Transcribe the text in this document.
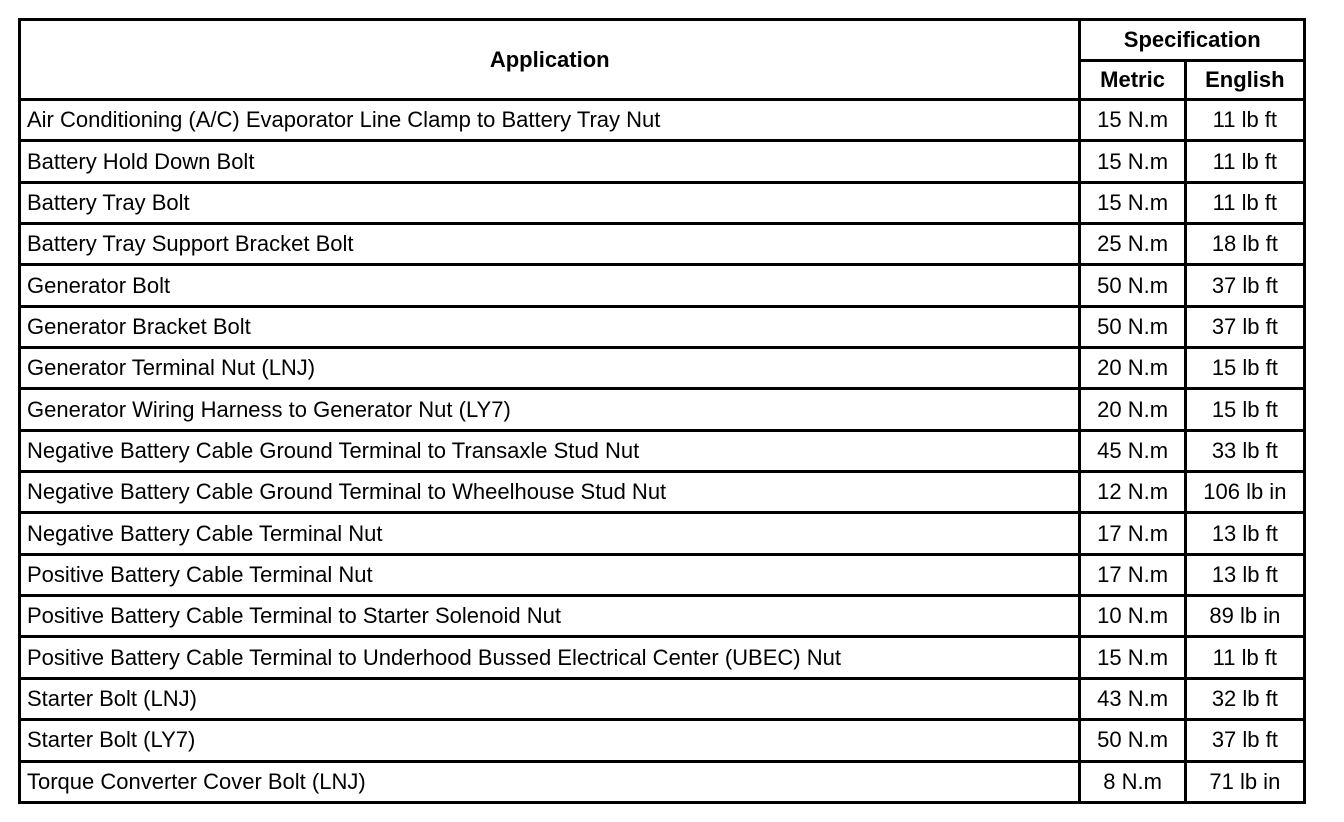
Application	Specification	
	Metric	English
Air Conditioning (A/C) Evaporator Line Clamp to Battery Tray Nut	15 N.m	11 lb ft
Battery Hold Down Bolt	15 N.m	11 lb ft
Battery Tray Bolt	15 N.m	11 lb ft
Battery Tray Support Bracket Bolt	25 N.m	18 lb ft
Generator Bolt	50 N.m	37 lb ft
Generator Bracket Bolt	50 N.m	37 lb ft
Generator Terminal Nut (LNJ)	20 N.m	15 lb ft
Generator Wiring Harness to Generator Nut (LY7)	20 N.m	15 lb ft
Negative Battery Cable Ground Terminal to Transaxle Stud Nut	45 N.m	33 lb ft
Negative Battery Cable Ground Terminal to Wheelhouse Stud Nut	12 N.m	106 lb in
Negative Battery Cable Terminal Nut	17 N.m	13 lb ft
Positive Battery Cable Terminal Nut	17 N.m	13 lb ft
Positive Battery Cable Terminal to Starter Solenoid Nut	10 N.m	89 lb in
Positive Battery Cable Terminal to Underhood Bussed Electrical Center (UBEC) Nut	15 N.m	11 lb ft
Starter Bolt (LNJ)	43 N.m	32 lb ft
Starter Bolt (LY7)	50 N.m	37 lb ft
Torque Converter Cover Bolt (LNJ)	8 N.m	71 lb in
